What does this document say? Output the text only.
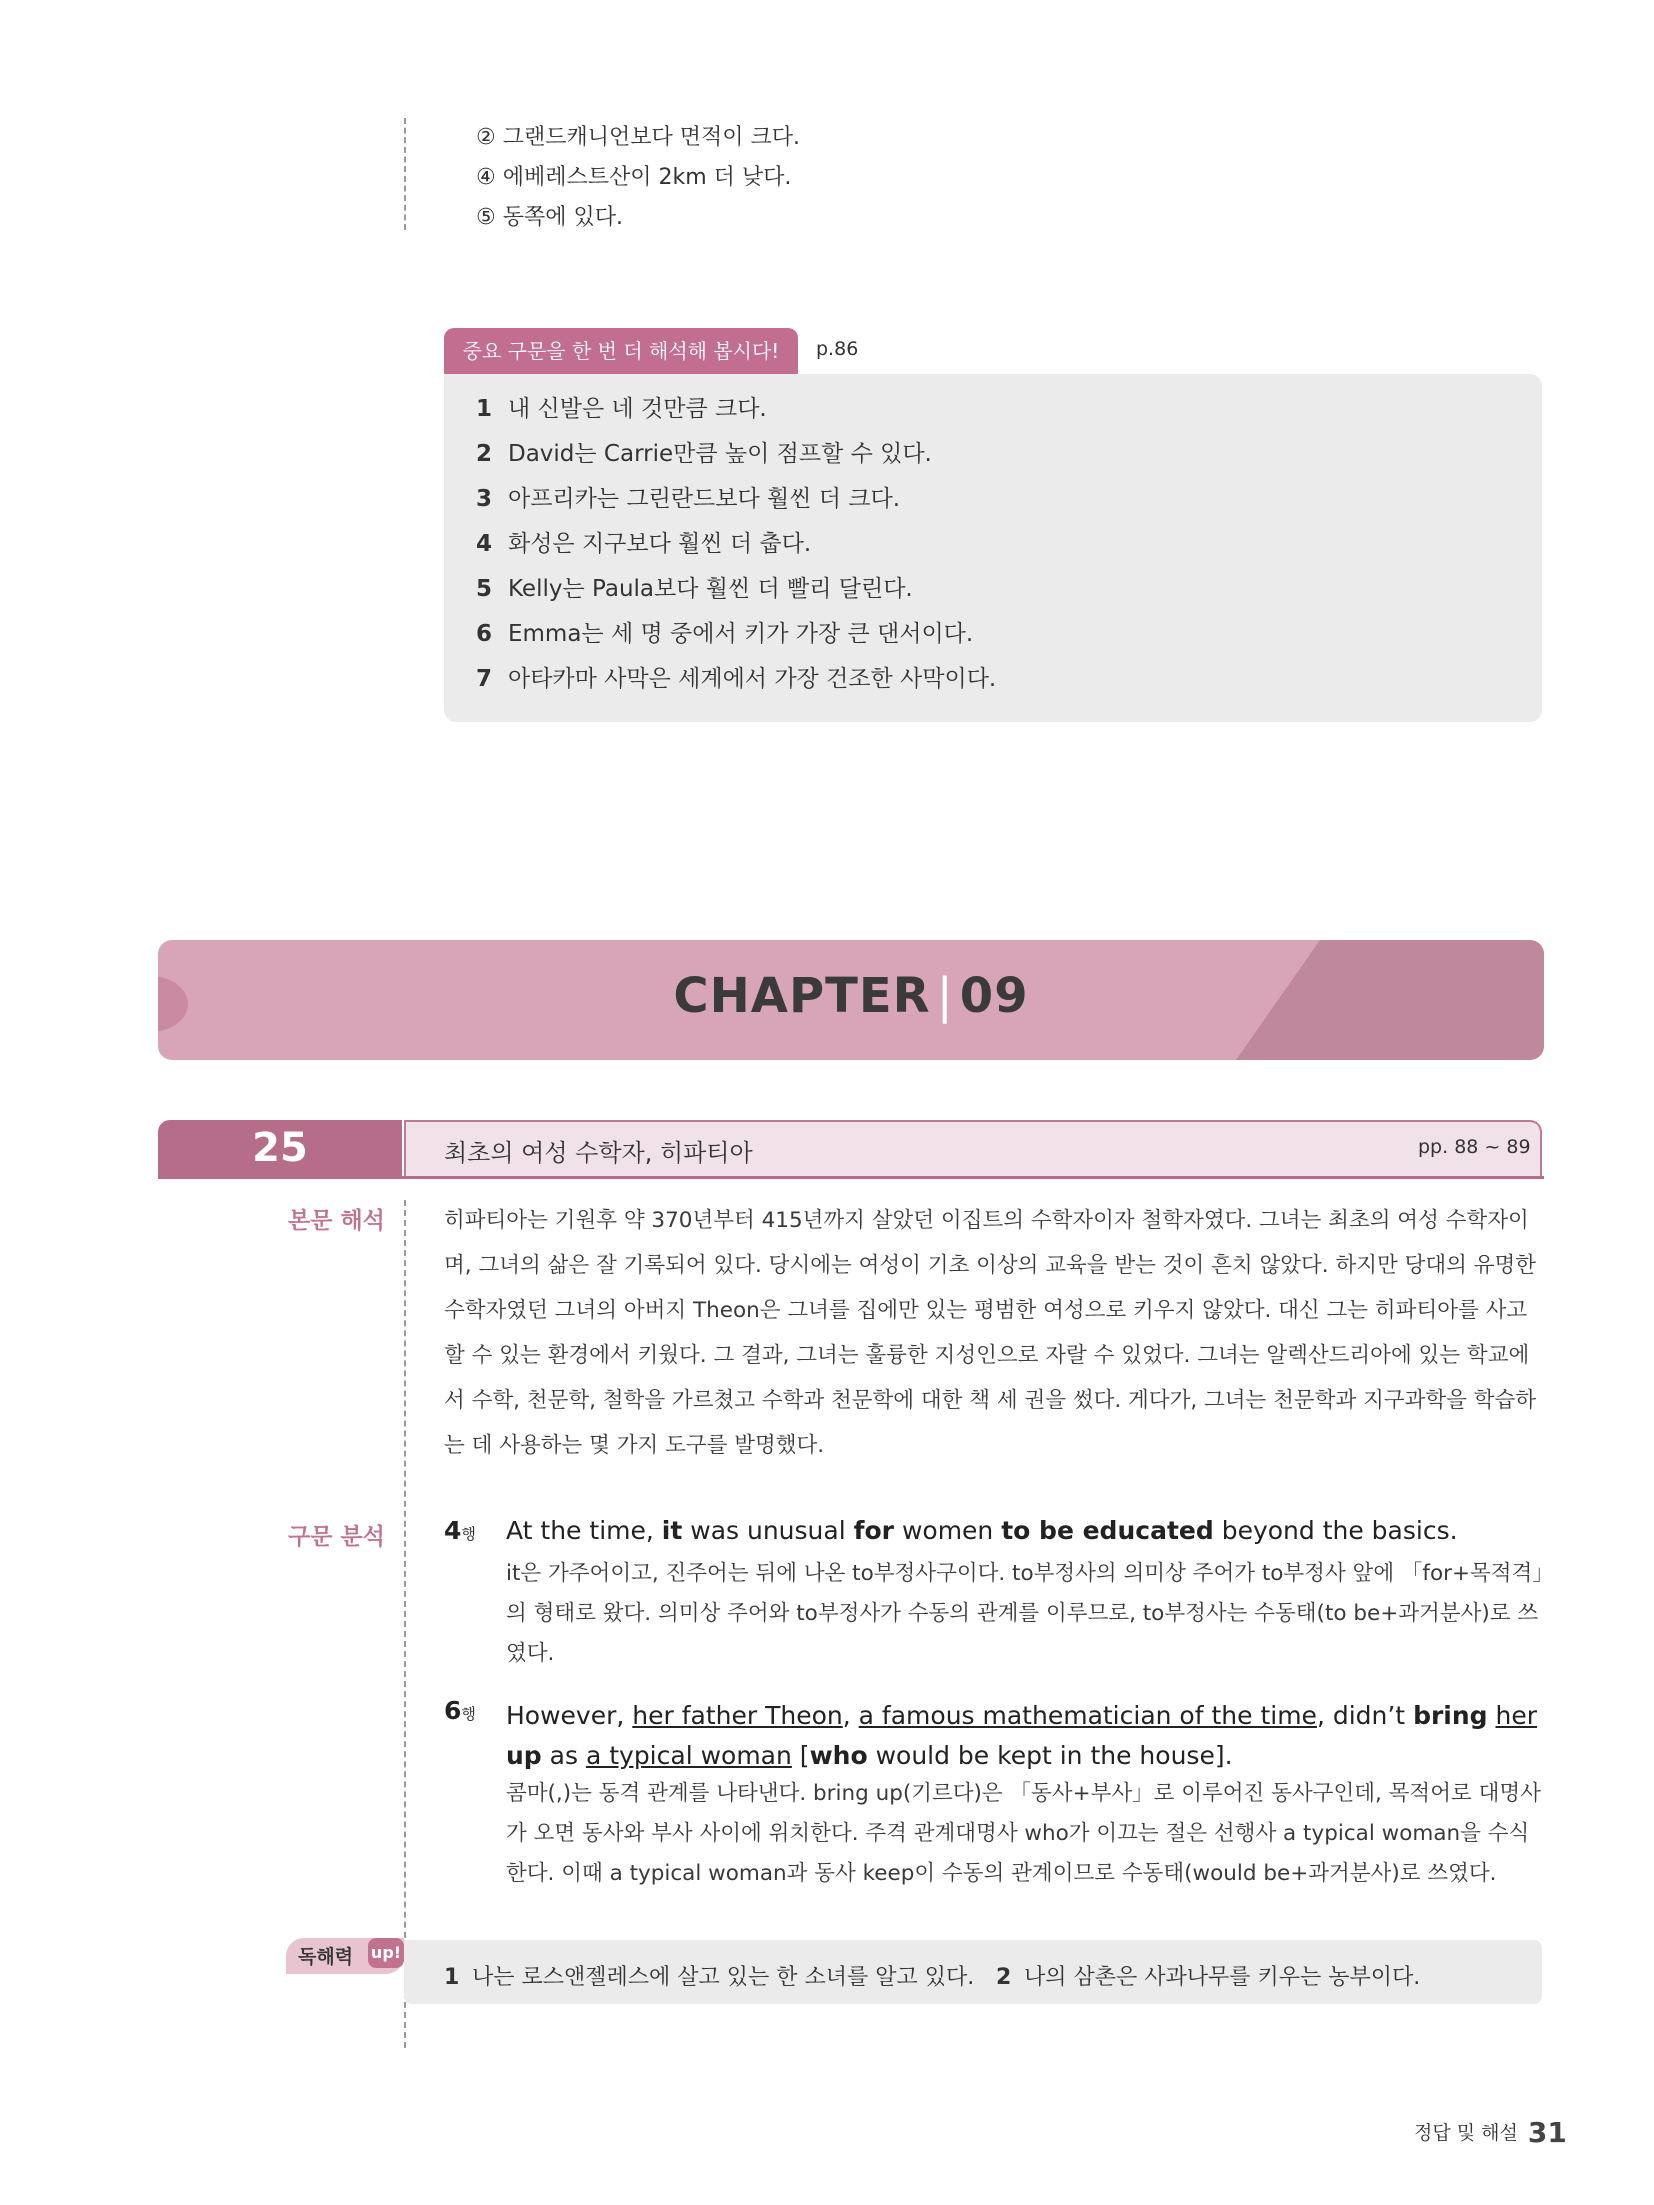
② 그랜드캐니언보다 면적이 크다.
④ 에베레스트산이 2km 더 낮다.
⑤ 동쪽에 있다.
중요 구문을 한 번 더 해석해 봅시다!	p.86
1 내 신발은 네 것만큼 크다.
2 David는 Carrie만큼 높이 점프할 수 있다.
3 아프리카는 그린란드보다 훨씬 더 크다.
4 화성은 지구보다 훨씬 더 춥다.
5 Kelly는 Paula보다 훨씬 더 빨리 달린다.
6 Emma는 세 명 중에서 키가 가장 큰 댄서이다.
7 아타카마 사막은 세계에서 가장 건조한 사막이다.
CHAPTER | 09
25	최초의 여성 수학자, 히파티아	pp. 88 ~ 89
본문 해석	히파티아는 기원후 약 370년부터 415년까지 살았던 이집트의 수학자이자 철학자였다. 그녀는 최초의 여성 수학자이며, 그녀의 삶은 잘 기록되어 있다. 당시에는 여성이 기초 이상의 교육을 받는 것이 흔치 않았다. 하지만 당대의 유명한 수학자였던 그녀의 아버지 Theon은 그녀를 집에만 있는 평범한 여성으로 키우지 않았다. 대신 그는 히파티아를 사고할 수 있는 환경에서 키웠다. 그 결과, 그녀는 훌륭한 지성인으로 자랄 수 있었다. 그녀는 알렉산드리아에 있는 학교에서 수학, 천문학, 철학을 가르쳤고 수학과 천문학에 대한 책 세 권을 썼다. 게다가, 그녀는 천문학과 지구과학을 학습하는 데 사용하는 몇 가지 도구를 발명했다.
구문 분석 4행 At the time, it was unusual for women to be educated beyond the basics.
it은 가주어이고, 진주어는 뒤에 나온 to부정사구이다. to부정사의 의미상 주어가 to부정사 앞에 「for+목적격」의 형태로 왔다. 의미상 주어와 to부정사가 수동의 관계를 이루므로, to부정사는 수동태(to be+과거분사)로 쓰였다.
6행 However, her father Theon, a famous mathematician of the time, didn’t bring her
up as a typical woman [who would be kept in the house].
콤마(,)는 동격 관계를 나타낸다. bring up(기르다)은 「동사+부사」로 이루어진 동사구인데, 목적어로 대명사가 오면 동사와 부사 사이에 위치한다. 주격 관계대명사 who가 이끄는 절은 선행사 a typical woman을 수식한다. 이때 a typical woman과 동사 keep이 수동의 관계이므로 수동태(would be+과거분사)로 쓰였다.
독해력 up!
1 나는 로스앤젤레스에 살고 있는 한 소녀를 알고 있다. 2 나의 삼촌은 사과나무를 키우는 농부이다.
정답 및 해설 31
